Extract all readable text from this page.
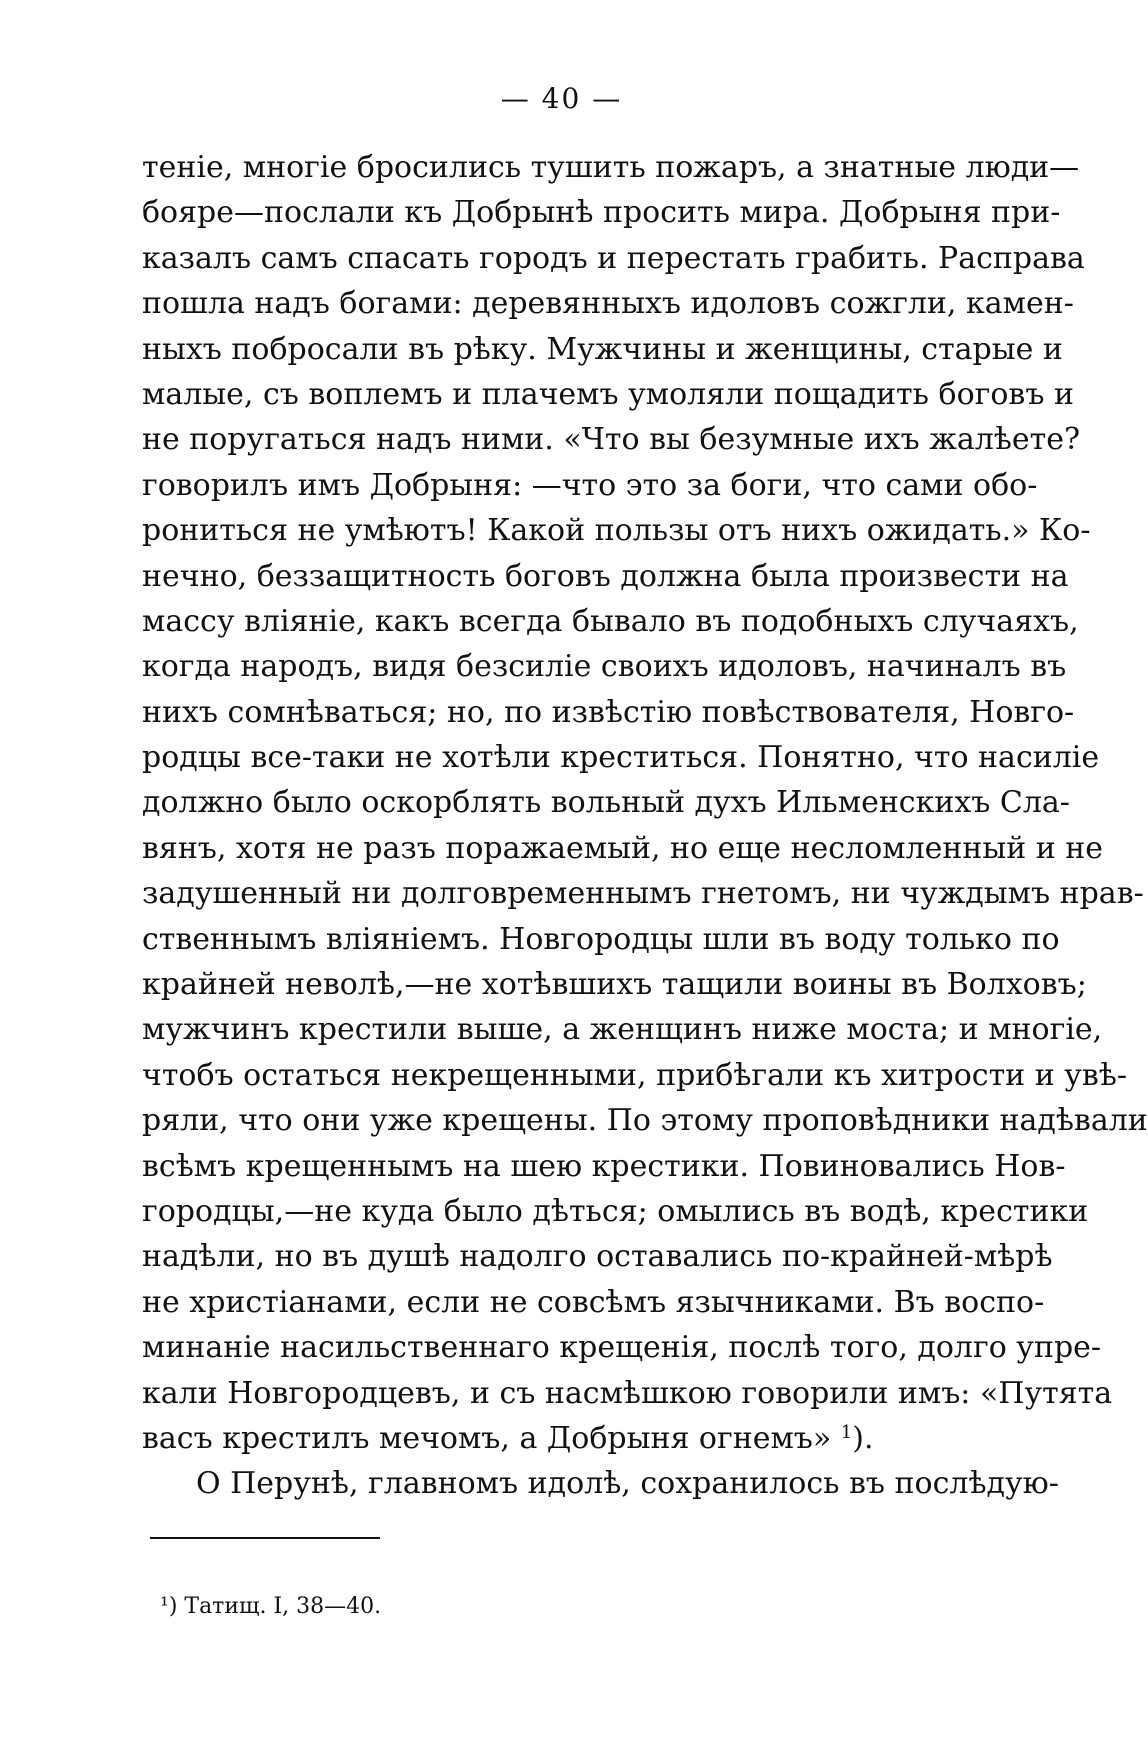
— 40 —
теніе, многіе бросились тушить пожаръ, а знатные люди—
бояре—послали къ Добрынѣ просить мира. Добрыня при-
казалъ самъ спасать городъ и перестать грабить. Расправа
пошла надъ богами: деревянныхъ идоловъ сожгли, камен-
ныхъ побросали въ рѣку. Мужчины и женщины, старые и
малые, съ воплемъ и плачемъ умоляли пощадить боговъ и
не поругаться надъ ними. «Что вы безумные ихъ жалѣете?
говорилъ имъ Добрыня: —что это за боги, что сами обо-
рониться не умѣютъ! Какой пользы отъ нихъ ожидать.» Ко-
нечно, беззащитность боговъ должна была произвести на
массу вліяніе, какъ всегда бывало въ подобныхъ случаяхъ,
когда народъ, видя безсиліе своихъ идоловъ, начиналъ въ
нихъ сомнѣваться; но, по извѣстію повѣствователя, Новго-
родцы все-таки не хотѣли креститься. Понятно, что насиліе
должно было оскорблять вольный духъ Ильменскихъ Сла-
вянъ, хотя не разъ поражаемый, но еще несломленный и не
задушенный ни долговременнымъ гнетомъ, ни чуждымъ нрав-
ственнымъ вліяніемъ. Новгородцы шли въ воду только по
крайней неволѣ,—не хотѣвшихъ тащили воины въ Волховъ;
мужчинъ крестили выше, а женщинъ ниже моста; и многіе,
чтобъ остаться некрещенными, прибѣгали къ хитрости и увѣ-
ряли, что они уже крещены. По этому проповѣдники надѣвали
всѣмъ крещеннымъ на шею крестики. Повиновались Нов-
городцы,—не куда было дѣться; омылись въ водѣ, крестики
надѣли, но въ душѣ надолго оставались по-крайней-мѣрѣ
не христіанами, если не совсѣмъ язычниками. Въ воспо-
минаніе насильственнаго крещенія, послѣ того, долго упре-
кали Новгородцевъ, и съ насмѣшкою говорили имъ: «Путята
васъ крестилъ мечомъ, а Добрыня огнемъ» $^1$).
О Перунѣ, главномъ идолѣ, сохранилось въ послѣдую-
¹) Татищ. I, 38—40.
